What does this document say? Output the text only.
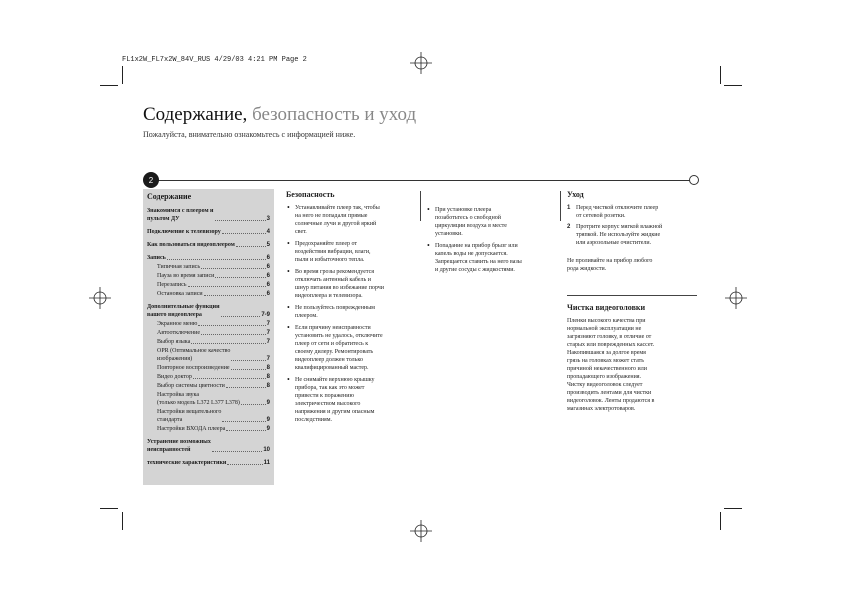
FL1x2W_FL7x2W_84V_RUS 4/29/03 4:21 PM Page 2
Содержание, безопасность и уход
Пожалуйста, внимательно ознакомьтесь с информацией ниже.
2
Содержание
Знакомимся с плеером и
пультом ДУ	3
Подключение к телевизору	4
Как пользоваться видеоплеером	5
Запись	6
Типичная запись	6
Пауза во время записи	6
Перезапись	6
Остановка записи	6
Дополнительные функции
вашего видеоплеера	7-9
Экранное меню	7
Автоотключение	7
Выбор языка	7
OPR (Оптимальное качество
изображения)	7
Повторное воспроизведение	8
Видео доктор	8
Выбор системы цветности	8
Настройка звука
(только модель L372 L377 L378)	9
Настройки вещательного
стандарта	9
Настройки ВХОДА плеера	9
Устранение возможных
неисправностей	10
технические характеристики	11
Безопасность
• Устанавливайте плеер так, чтобы
на него не попадали прямые
солнечные лучи и другой яркий
свет.
• Предохраняйте плеер от
воздействия вибрации, влаги,
пыли и избыточного тепла.
• Во время грозы рекомендуется
отключать антенный кабель и
шнур питания во избежание порчи
видеоплеера и телевизора.
• Не пользуйтесь поврежденным
плеером.
• Если причину неисправности
установить не удалось, отключите
плеер от сети и обратитесь к
своему дилеру. Ремонтировать
видеоплеер должен только
квалифицированный мастер.
• Не снимайте верхнюю крышку
прибора, так как это может
привести к поражению
электричеством высокого
напряжения и другим опасным
последствиям.
• При установке плеера
позаботьтесь о свободной
циркуляции воздуха в месте
установки.
• Попадание на прибор брызг или
капель воды не допускается.
Запрещается ставить на него вазы
и другие сосуды с жидкостями.
Уход
1 Перед чисткой отключите плеер
от сетевой розетки.
2 Протрите корпус мягкой влажной
тряпкой. Не используйте жидкие
или аэрозольные очистители.

Не проливайте на прибор любого
рода жидкости.

Чистка видеоголовки

Пленки высокого качества при
нормальной эксплуатации не
загрязняют головку, в отличие от
старых или поврежденных кассет.
Накопившаяся за долгое время
грязь на головках может стать
причиной некачественного или
пропадающего изображения.
Чистку видеоголовок следует
производить лентами для чистки
видеоголовок. Ленты продаются в
магазинах электротоваров.
